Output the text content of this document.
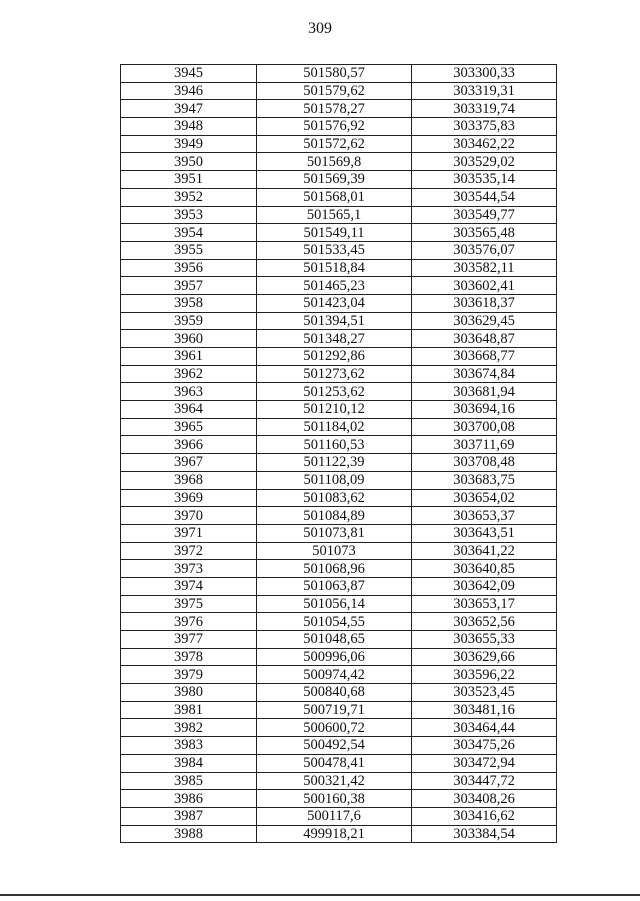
309
3945	501580,57	303300,33
3946	501579,62	303319,31
3947	501578,27	303319,74
3948	501576,92	303375,83
3949	501572,62	303462,22
3950	501569,8	303529,02
3951	501569,39	303535,14
3952	501568,01	303544,54
3953	501565,1	303549,77
3954	501549,11	303565,48
3955	501533,45	303576,07
3956	501518,84	303582,11
3957	501465,23	303602,41
3958	501423,04	303618,37
3959	501394,51	303629,45
3960	501348,27	303648,87
3961	501292,86	303668,77
3962	501273,62	303674,84
3963	501253,62	303681,94
3964	501210,12	303694,16
3965	501184,02	303700,08
3966	501160,53	303711,69
3967	501122,39	303708,48
3968	501108,09	303683,75
3969	501083,62	303654,02
3970	501084,89	303653,37
3971	501073,81	303643,51
3972	501073	303641,22
3973	501068,96	303640,85
3974	501063,87	303642,09
3975	501056,14	303653,17
3976	501054,55	303652,56
3977	501048,65	303655,33
3978	500996,06	303629,66
3979	500974,42	303596,22
3980	500840,68	303523,45
3981	500719,71	303481,16
3982	500600,72	303464,44
3983	500492,54	303475,26
3984	500478,41	303472,94
3985	500321,42	303447,72
3986	500160,38	303408,26
3987	500117,6	303416,62
3988	499918,21	303384,54
